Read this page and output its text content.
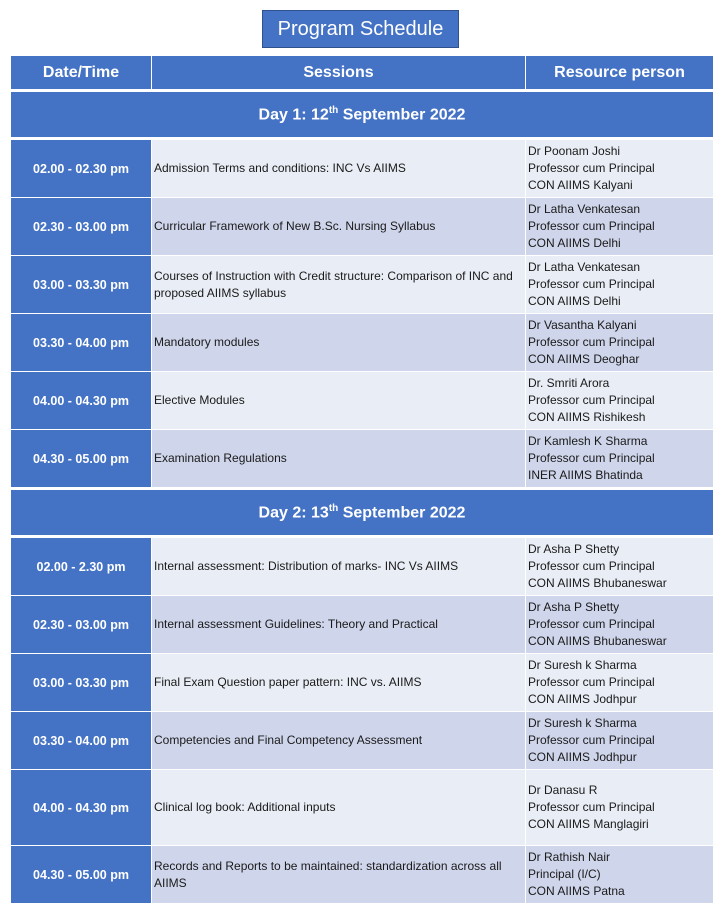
Program Schedule
Date/Time	Sessions	Resource person

Day 1: 12th September 2022		

02.00 - 02.30 pm	Admission Terms and conditions: INC Vs AIIMS	Dr Poonam Joshi
Professor cum Principal
CON AIIMS Kalyani
02.30 - 03.00 pm	Curricular Framework of New B.Sc. Nursing Syllabus	Dr Latha Venkatesan
Professor cum Principal
CON AIIMS Delhi
03.00 - 03.30 pm	Courses of Instruction with Credit structure: Comparison of INC and proposed AIIMS syllabus	Dr Latha Venkatesan
Professor cum Principal
CON AIIMS Delhi
03.30 - 04.00 pm	Mandatory modules	Dr Vasantha Kalyani
Professor cum Principal
CON AIIMS Deoghar
04.00 - 04.30 pm	Elective Modules	Dr. Smriti Arora
Professor cum Principal
CON AIIMS Rishikesh
04.30 - 05.00 pm	Examination Regulations	Dr Kamlesh K Sharma
Professor cum Principal
INER AIIMS Bhatinda

Day 2: 13th September 2022		

02.00 - 2.30 pm	Internal assessment: Distribution of marks- INC Vs AIIMS	Dr Asha P Shetty
Professor cum Principal
CON AIIMS Bhubaneswar
02.30 - 03.00 pm	Internal assessment Guidelines: Theory and Practical	Dr Asha P Shetty
Professor cum Principal
CON AIIMS Bhubaneswar
03.00 - 03.30 pm	Final Exam Question paper pattern: INC vs. AIIMS	Dr Suresh k Sharma
Professor cum Principal
CON AIIMS Jodhpur
03.30 - 04.00 pm	Competencies and Final Competency Assessment	Dr Suresh k Sharma
Professor cum Principal
CON AIIMS Jodhpur
04.00 - 04.30 pm	Clinical log book: Additional inputs	Dr Danasu R
Professor cum Principal
CON AIIMS Manglagiri
04.30 - 05.00 pm	Records and Reports to be maintained: standardization across all AIIMS	Dr Rathish Nair
Principal (I/C)
CON AIIMS Patna
